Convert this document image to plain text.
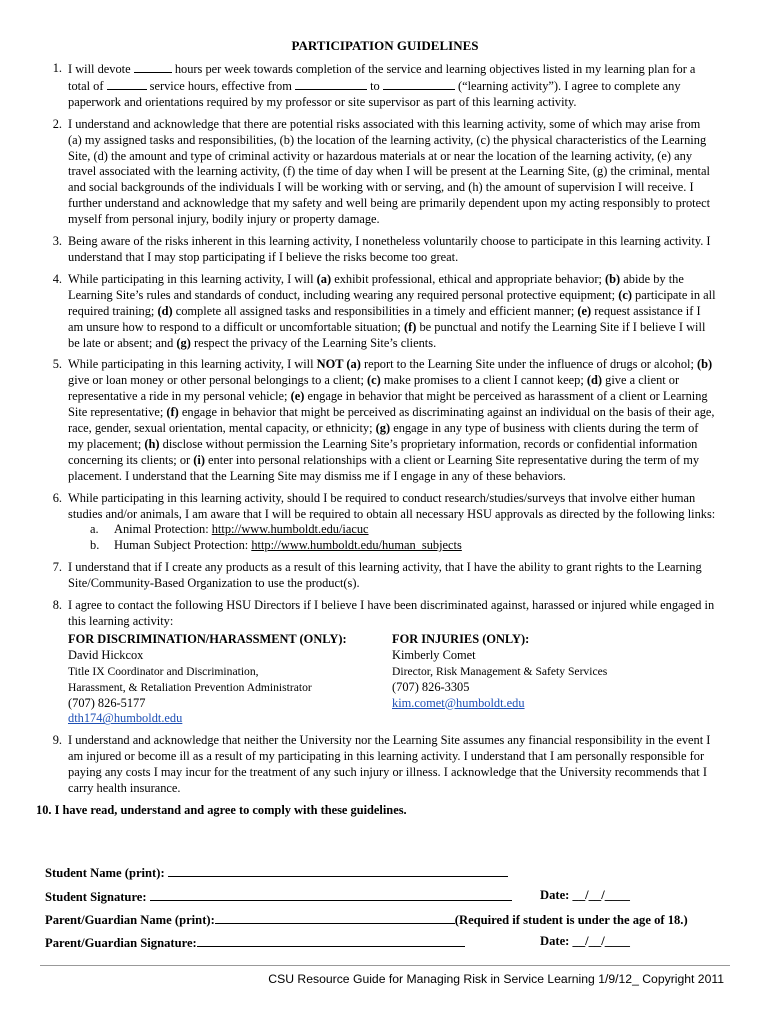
PARTICIPATION GUIDELINES
1. I will devote	hours per week towards completion of the service and learning objectives listed in my learning plan for a total of	service hours, effective from	to	(“learning activity”). I agree to complete any paperwork and orientations required by my professor or site supervisor as part of this learning activity.

2. I understand and acknowledge that there are potential risks associated with this learning activity, some of which may arise from (a) my assigned tasks and responsibilities, (b) the location of the learning activity, (c) the physical characteristics of the Learning Site, (d) the amount and type of criminal activity or hazardous materials at or near the location of the learning activity, (e) any travel associated with the learning activity, (f) the time of day when I will be present at the Learning Site, (g) the criminal, mental and social backgrounds of the individuals I will be working with or serving, and (h) the amount of supervision I will receive. I further understand and acknowledge that my safety and well being are primarily dependent upon my acting responsibly to protect myself from personal injury, bodily injury or property damage.

3. Being aware of the risks inherent in this learning activity, I nonetheless voluntarily choose to participate in this learning activity. I understand that I may stop participating if I believe the risks become too great.

4. While participating in this learning activity, I will (a) exhibit professional, ethical and appropriate behavior; (b) abide by the Learning Site’s rules and standards of conduct, including wearing any required personal protective equipment; (c) participate in all required training; (d) complete all assigned tasks and responsibilities in a timely and efficient manner; (e) request assistance if I am unsure how to respond to a difficult or uncomfortable situation; (f) be punctual and notify the Learning Site if I believe I will be late or absent; and (g) respect the privacy of the Learning Site’s clients.

5. While participating in this learning activity, I will NOT (a) report to the Learning Site under the influence of drugs or alcohol; (b) give or loan money or other personal belongings to a client; (c) make promises to a client I cannot keep; (d) give a client or representative a ride in my personal vehicle; (e) engage in behavior that might be perceived as harassment of a client or Learning Site representative; (f) engage in behavior that might be perceived as discriminating against an individual on the basis of their age, race, gender, sexual orientation, mental capacity, or ethnicity; (g) engage in any type of business with clients during the term of my placement; (h) disclose without permission the Learning Site’s proprietary information, records or confidential information concerning its clients; or (i) enter into personal relationships with a client or Learning Site representative during the term of my placement. I understand that the Learning Site may dismiss me if I engage in any of these behaviors.

6. While participating in this learning activity, should I be required to conduct research/studies/surveys that involve either human studies and/or animals, I am aware that I will be required to obtain all necessary HSU approvals as directed by the following links:

a. Animal Protection: http://www.humboldt.edu/iacuc
b. Human Subject Protection: http://www.humboldt.edu/human_subjects
7. I understand that if I create any products as a result of this learning activity, that I have the ability to grant rights to the Learning Site/Community-Based Organization to use the product(s).

8. I agree to contact the following HSU Directors if I believe I have been discriminated against, harassed or injured while engaged in this learning activity:

FOR DISCRIMINATION/HARASSMENT (ONLY):
David Hickcox
Title IX Coordinator and Discrimination,
Harassment, & Retaliation Prevention Administrator
(707) 826-5177
dth174@humboldt.edu
FOR INJURIES (ONLY):
Kimberly Comet
Director, Risk Management & Safety Services
(707) 826-3305
kim.comet@humboldt.edu
9. I understand and acknowledge that neither the University nor the Learning Site assumes any financial responsibility in the event I am injured or become ill as a result of my participating in this learning activity. I understand that I am personally responsible for paying any costs I may incur for the treatment of any such injury or illness. I acknowledge that the University recommends that I carry health insurance.

10. I have read, understand and agree to comply with these guidelines.
Student Name (print):
Student Signature:	Date: __/__/____
Parent/Guardian Name (print):	(Required if student is under the age of 18.)
Parent/Guardian Signature:	Date: __/__/____
CSU Resource Guide for Managing Risk in Service Learning 1/9/12_ Copyright 2011
